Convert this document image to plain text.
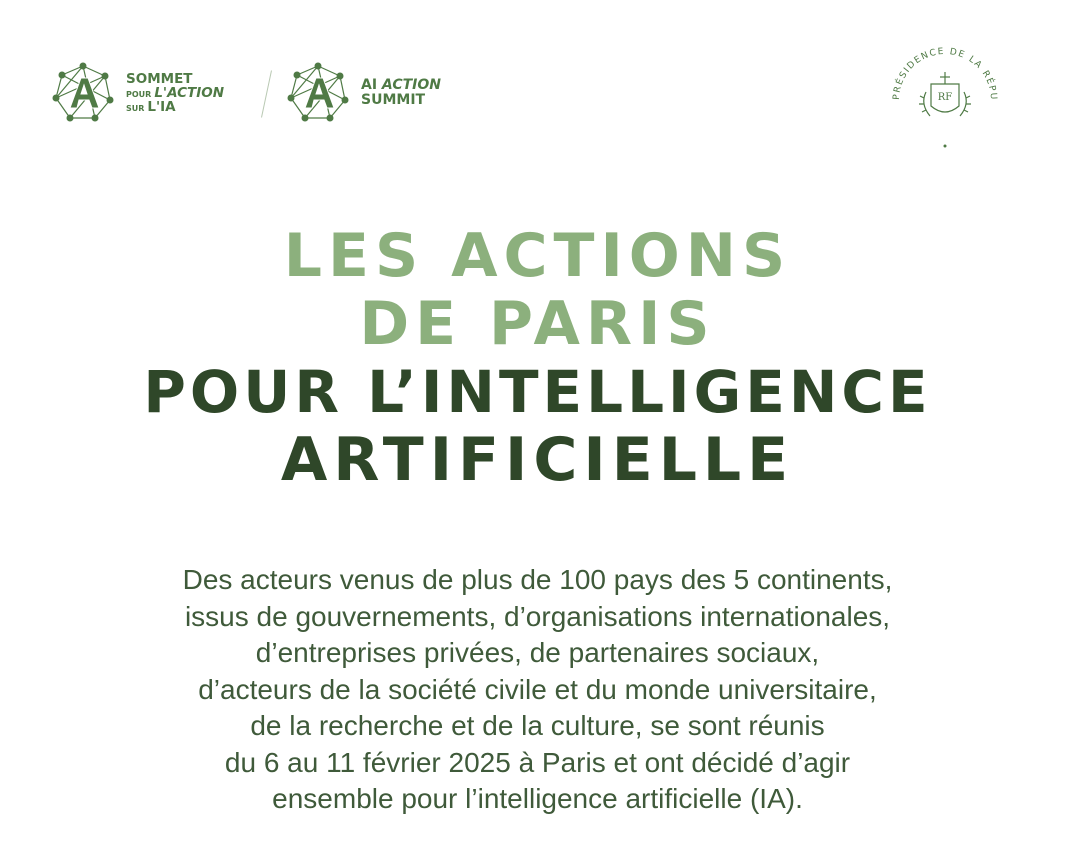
SOMMET
POUR L'ACTION
SUR L'IA
AI ACTION
SUMMIT	PRÉSIDENCE DE LA RÉPU
RF
LES ACTIONS
DE PARIS
POUR L’INTELLIGENCE
ARTIFICIELLE
Des acteurs venus de plus de 100 pays des 5 continents,
issus de gouvernements, d’organisations internationales,
d’entreprises privées, de partenaires sociaux,
d’acteurs de la société civile et du monde universitaire,
de la recherche et de la culture, se sont réunis
du 6 au 11 février 2025 à Paris et ont décidé d’agir
ensemble pour l’intelligence artificielle (IA).
